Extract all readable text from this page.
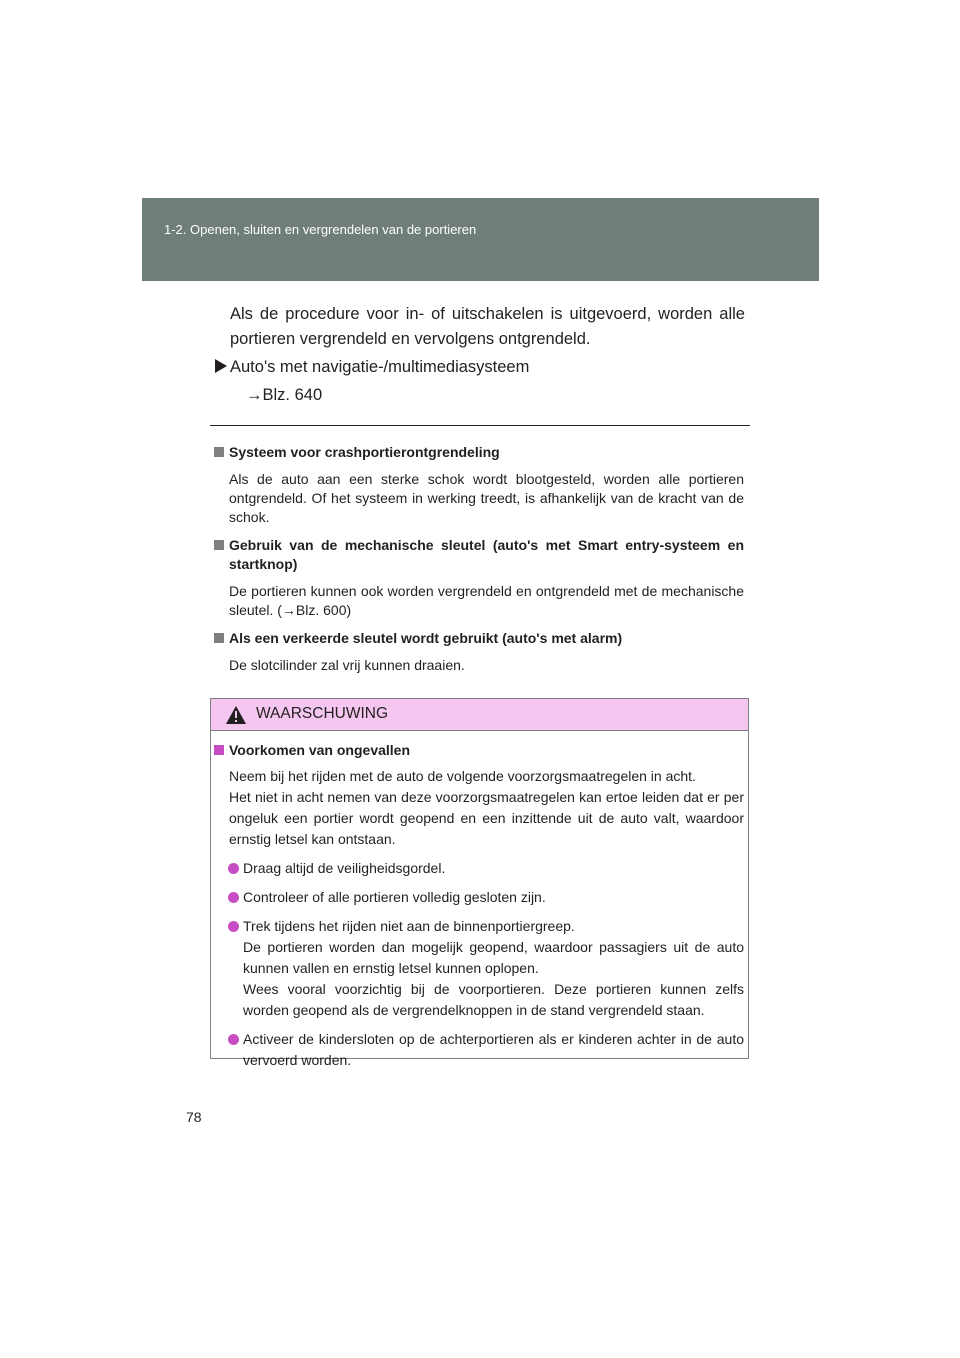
1-2. Openen, sluiten en vergrendelen van de portieren

Als de procedure voor in- of uitschakelen is uitgevoerd, worden alle portieren vergrendeld en vervolgens ontgrendeld.

Auto's met navigatie-/multimediasysteem
→Blz. 640
Systeem voor crashportierontgrendeling
Als de auto aan een sterke schok wordt blootgesteld, worden alle portieren ontgrendeld. Of het systeem in werking treedt, is afhankelijk van de kracht van de schok.
Gebruik van de mechanische sleutel (auto's met Smart entry-systeem en startknop)
De portieren kunnen ook worden vergrendeld en ontgrendeld met de mechanische sleutel. (→Blz. 600)
Als een verkeerde sleutel wordt gebruikt (auto's met alarm)
De slotcilinder zal vrij kunnen draaien.
WAARSCHUWING
Voorkomen van ongevallen
Neem bij het rijden met de auto de volgende voorzorgsmaatregelen in acht.
Het niet in acht nemen van deze voorzorgsmaatregelen kan ertoe leiden dat er per ongeluk een portier wordt geopend en een inzittende uit de auto valt, waardoor ernstig letsel kan ontstaan.
Draag altijd de veiligheidsgordel.
Controleer of alle portieren volledig gesloten zijn.
Trek tijdens het rijden niet aan de binnenportiergreep.
De portieren worden dan mogelijk geopend, waardoor passagiers uit de auto kunnen vallen en ernstig letsel kunnen oplopen.
Wees vooral voorzichtig bij de voorportieren. Deze portieren kunnen zelfs worden geopend als de vergrendelknoppen in de stand vergrendeld staan.
Activeer de kindersloten op de achterportieren als er kinderen achter in de auto vervoerd worden.
78
